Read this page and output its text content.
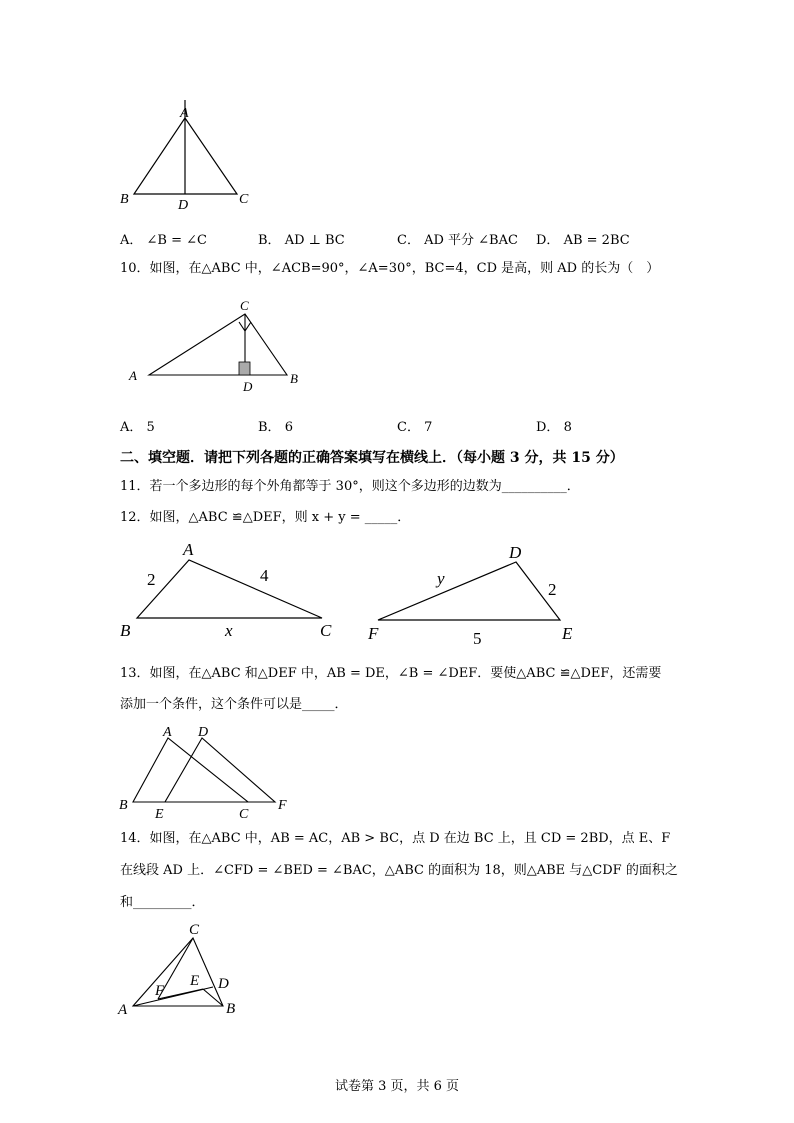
A
B	C
D
A． ∠B = ∠C	B． AD ⊥ BC	C． AD 平分 ∠BAC D． AB = 2BC
10．如图，在△ABC 中，∠ACB=90°，∠A=30°，BC=4，CD 是高，则 AD 的长为（　）
C
A
D
B
A． 5	B． 6	C． 7	D． 8
二、填空题．请把下列各题的正确答案填写在横线上．（每小题 3 分，共 15 分）
11．若一个多边形的每个外角都等于 30°，则这个多边形的边数为__________．
12．如图，△ABC ≌△DEF，则 x + y = _____．
A
B	C
2	4
x
D
E
F
y
2
5
13．如图，在△ABC 和△DEF 中，AB = DE，∠B = ∠DEF．要使△ABC ≌△DEF，还需要
添加一个条件，这个条件可以是_____．
A D
B
E	C
F
14．如图，在△ABC 中，AB = AC，AB > BC，点 D 在边 BC 上，且 CD = 2BD，点 E、F
在线段 AD 上．∠CFD = ∠BED = ∠BAC，△ABC 的面积为 18，则△ABE 与△CDF 的面积之
和_________．
C
A	B
D
E
F
试卷第 3 页，共 6 页
